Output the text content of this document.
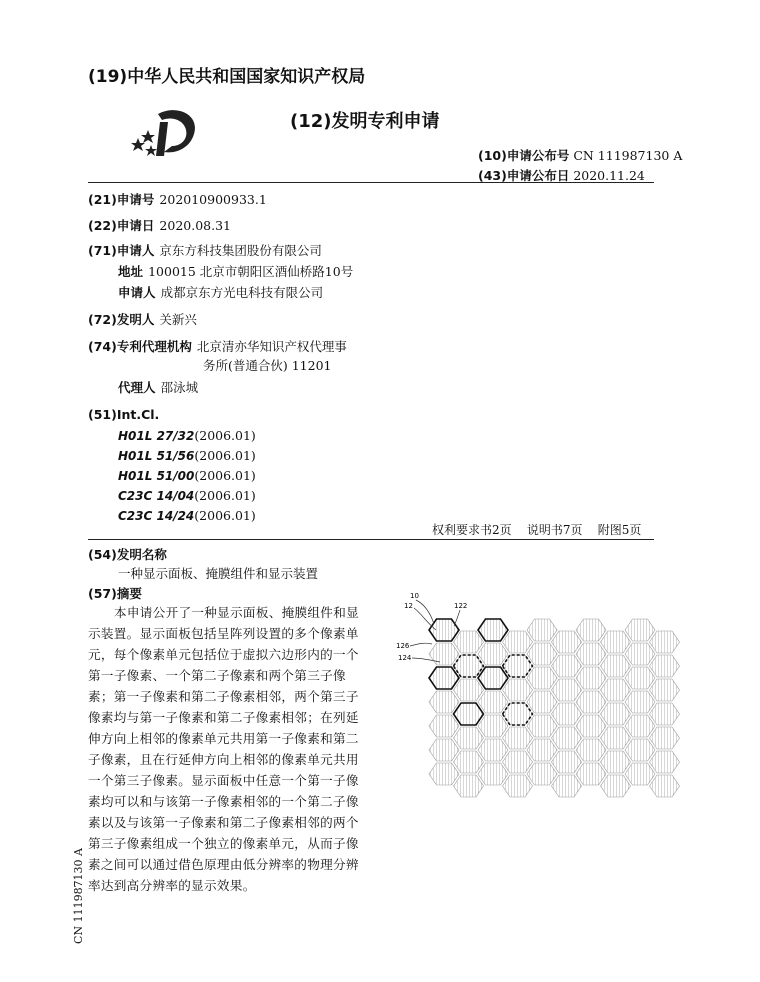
(19)中华人民共和国国家知识产权局
(12)发明专利申请
(10)申请公布号 CN 111987130 A
(43)申请公布日 2020.11.24
(21)申请号 202010900933.1
(22)申请日 2020.08.31
(71)申请人 京东方科技集团股份有限公司
地址 100015 北京市朝阳区酒仙桥路10号
申请人 成都京东方光电科技有限公司
(72)发明人 关新兴
(74)专利代理机构 北京清亦华知识产权代理事
务所(普通合伙) 11201
代理人 邵泳城
(51)Int.Cl.
H01L 27/32(2006.01)
H01L 51/56(2006.01)
H01L 51/00(2006.01)
C23C 14/04(2006.01)
C23C 14/24(2006.01)
权利要求书2页    说明书7页    附图5页
(54)发明名称
一种显示面板、掩膜组件和显示装置
(57)摘要
本申请公开了一种显示面板、掩膜组件和显示装置。显示面板包括呈阵列设置的多个像素单元，每个像素单元包括位于虚拟六边形内的一个第一子像素、一个第二子像素和两个第三子像素；第一子像素和第二子像素相邻，两个第三子像素均与第一子像素和第二子像素相邻；在列延伸方向上相邻的像素单元共用第一子像素和第二子像素，且在行延伸方向上相邻的像素单元共用一个第三子像素。显示面板中任意一个第一子像素均可以和与该第一子像素相邻的一个第二子像素以及与该第一子像素和第二子像素相邻的两个第三子像素组成一个独立的像素单元，从而子像素之间可以通过借色原理由低分辨率的物理分辨率达到高分辨率的显示效果。
10
12	122
126
124
CN 111987130 A
